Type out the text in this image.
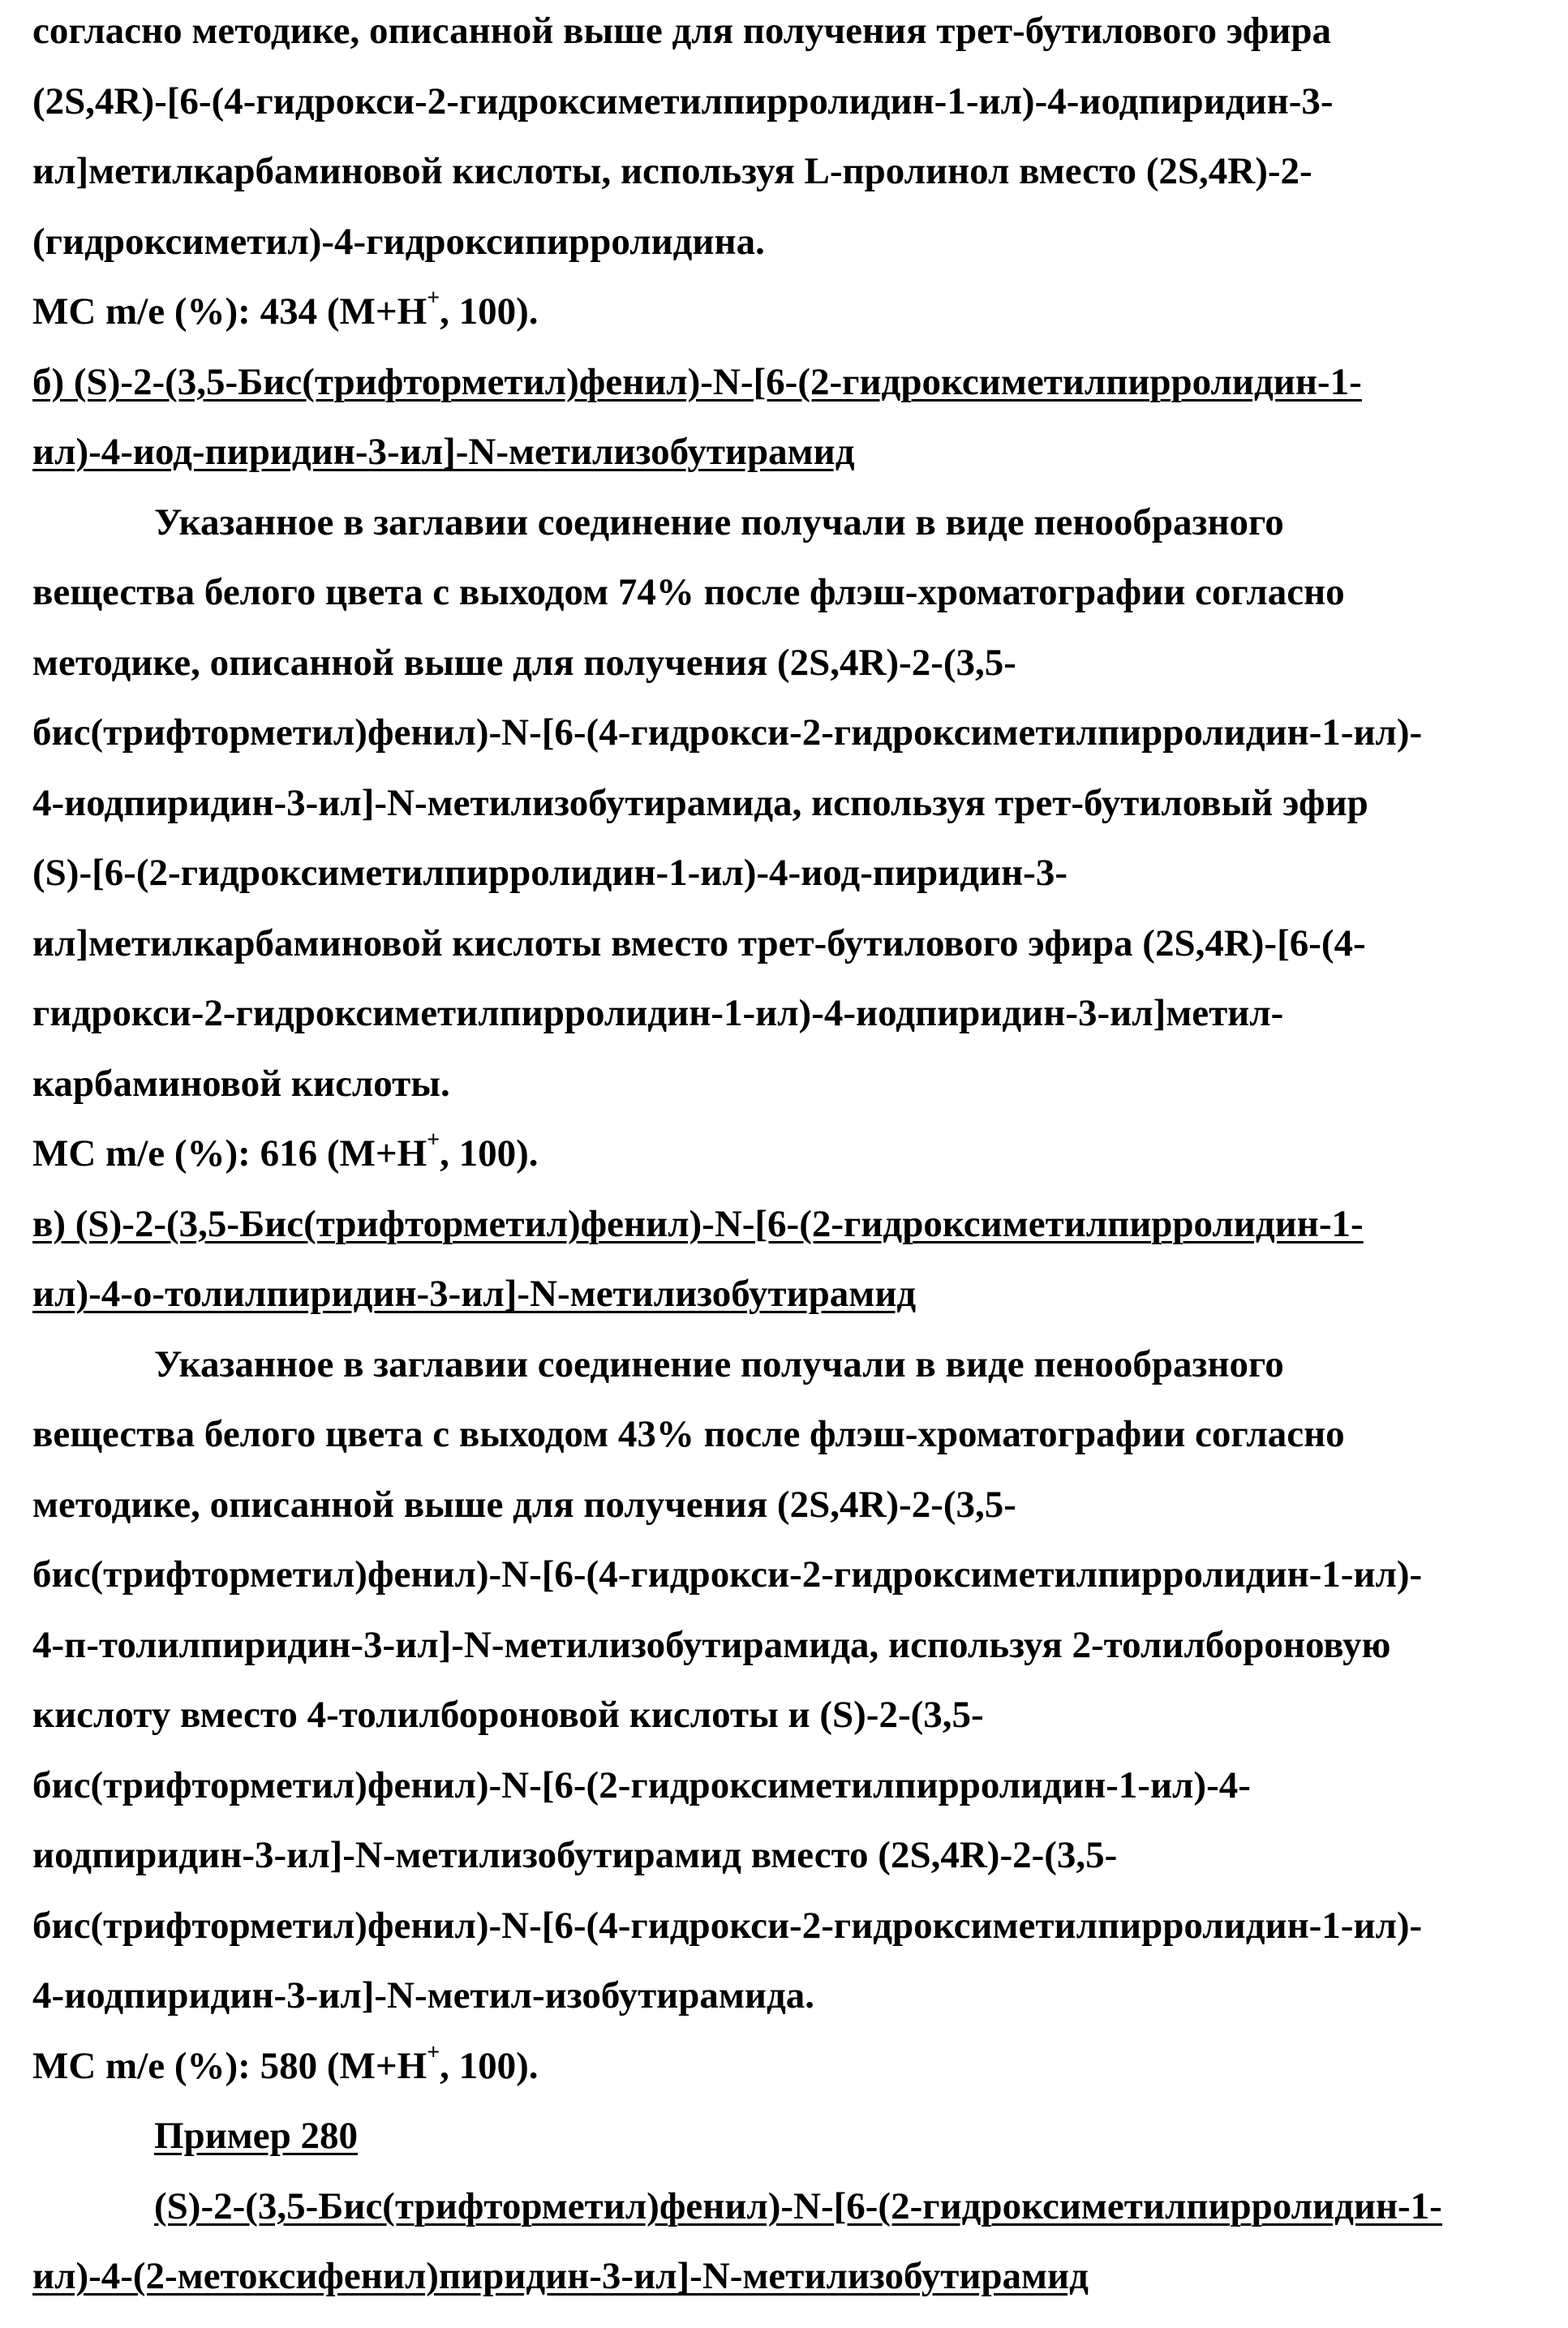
согласно методике, описанной выше для получения трет-бутилового эфира
(2S,4R)-[6-(4-гидрокси-2-гидроксиметилпирролидин-1-ил)-4-иодпиридин-3-
ил]метилкарбаминовой кислоты, используя L-пролинол вместо (2S,4R)-2-
(гидроксиметил)-4-гидроксипирролидина.
MC m/e (%): 434 (M+H+, 100).
б) (S)-2-(3,5-Бис(трифторметил)фенил)-N-[6-(2-гидроксиметилпирролидин-1-
ил)-4-иод-пиридин-3-ил]-N-метилизобутирамид
Указанное в заглавии соединение получали в виде пенообразного
вещества белого цвета с выходом 74% после флэш-хроматографии согласно
методике, описанной выше для получения (2S,4R)-2-(3,5-
бис(трифторметил)фенил)-N-[6-(4-гидрокси-2-гидроксиметилпирролидин-1-ил)-
4-иодпиридин-3-ил]-N-метилизобутирамида, используя трет-бутиловый эфир
(S)-[6-(2-гидроксиметилпирролидин-1-ил)-4-иод-пиридин-3-
ил]метилкарбаминовой кислоты вместо трет-бутилового эфира (2S,4R)-[6-(4-
гидрокси-2-гидроксиметилпирролидин-1-ил)-4-иодпиридин-3-ил]метил-
карбаминовой кислоты.
MC m/e (%): 616 (M+H+, 100).
в) (S)-2-(3,5-Бис(трифторметил)фенил)-N-[6-(2-гидроксиметилпирролидин-1-
ил)-4-о-толилпиридин-3-ил]-N-метилизобутирамид
Указанное в заглавии соединение получали в виде пенообразного
вещества белого цвета с выходом 43% после флэш-хроматографии согласно
методике, описанной выше для получения (2S,4R)-2-(3,5-
бис(трифторметил)фенил)-N-[6-(4-гидрокси-2-гидроксиметилпирролидин-1-ил)-
4-п-толилпиридин-3-ил]-N-метилизобутирамида, используя 2-толилбороновую
кислоту вместо 4-толилбороновой кислоты и (S)-2-(3,5-
бис(трифторметил)фенил)-N-[6-(2-гидроксиметилпирролидин-1-ил)-4-
иодпиридин-3-ил]-N-метилизобутирамид вместо (2S,4R)-2-(3,5-
бис(трифторметил)фенил)-N-[6-(4-гидрокси-2-гидроксиметилпирролидин-1-ил)-
4-иодпиридин-3-ил]-N-метил-изобутирамида.
MC m/e (%): 580 (M+H+, 100).
Пример 280
(S)-2-(3,5-Бис(трифторметил)фенил)-N-[6-(2-гидроксиметилпирролидин-1-
ил)-4-(2-метоксифенил)пиридин-3-ил]-N-метилизобутирамид
